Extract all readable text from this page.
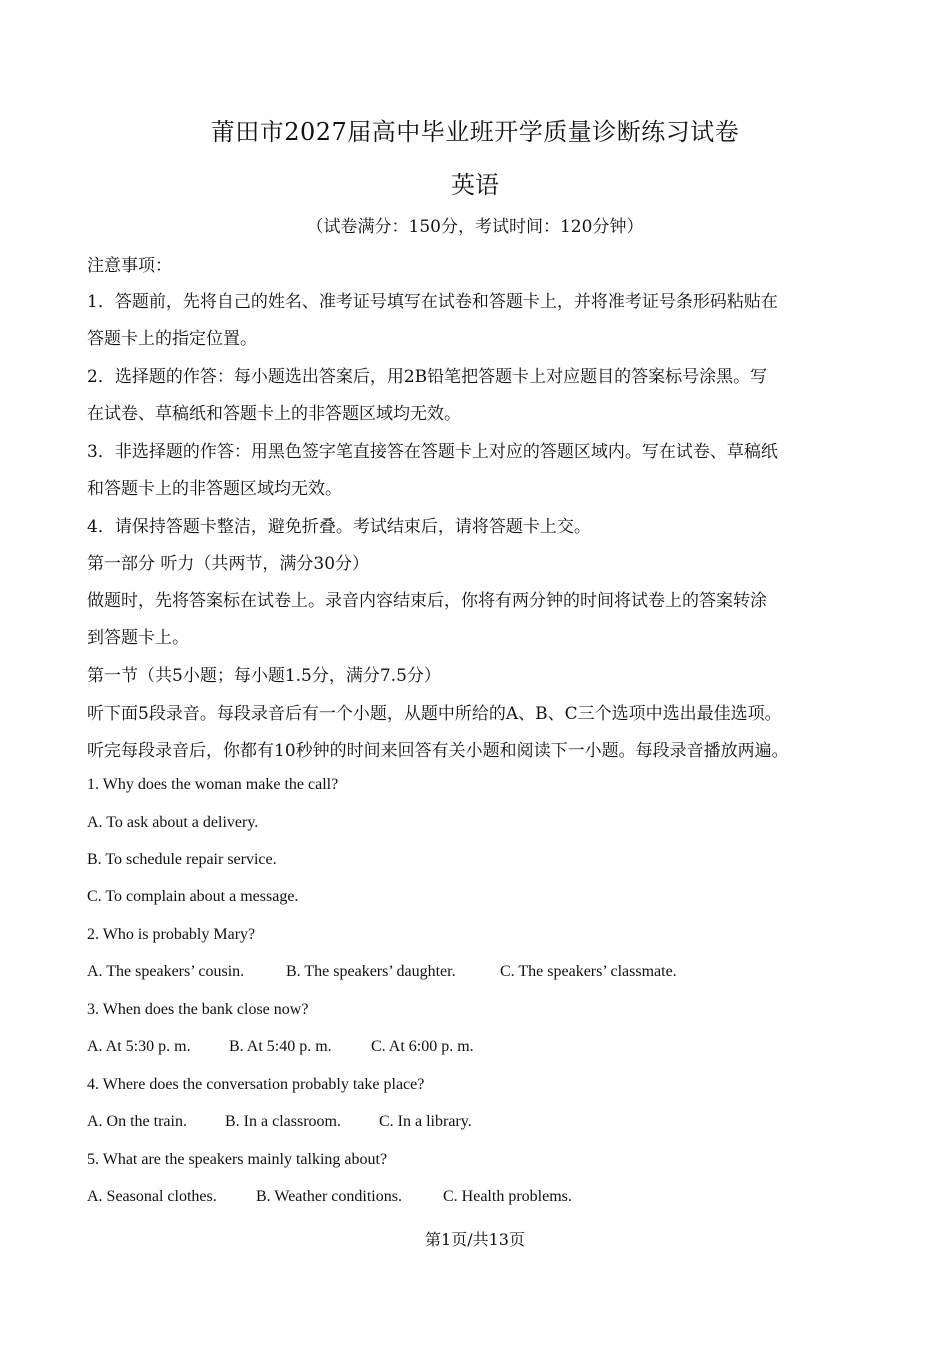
莆田市2027届高中毕业班开学质量诊断练习试卷
英语
（试卷满分：150分，考试时间：120分钟）
注意事项：
1．答题前，先将自己的姓名、准考证号填写在试卷和答题卡上，并将准考证号条形码粘贴在
答题卡上的指定位置。
2．选择题的作答：每小题选出答案后，用2B铅笔把答题卡上对应题目的答案标号涂黑。写
在试卷、草稿纸和答题卡上的非答题区域均无效。
3．非选择题的作答：用黑色签字笔直接答在答题卡上对应的答题区域内。写在试卷、草稿纸
和答题卡上的非答题区域均无效。
4．请保持答题卡整洁，避免折叠。考试结束后，请将答题卡上交。
第一部分 听力（共两节，满分30分）
做题时，先将答案标在试卷上。录音内容结束后，你将有两分钟的时间将试卷上的答案转涂
到答题卡上。
第一节（共5小题；每小题1.5分，满分7.5分）
听下面5段录音。每段录音后有一个小题，从题中所给的A、B、C三个选项中选出最佳选项。
听完每段录音后，你都有10秒钟的时间来回答有关小题和阅读下一小题。每段录音播放两遍。
1. Why does the woman make the call?
A. To ask about a delivery.
B. To schedule repair service.
C. To complain about a message.
2. Who is probably Mary?
A. The speakers’ cousin.	B. The speakers’ daughter.	C. The speakers’ classmate.
3. When does the bank close now?
A. At 5:30 p. m. B. At 5:40 p. m. C. At 6:00 p. m.
4. Where does the conversation probably take place?
A. On the train. B. In a classroom. C. In a library.
5. What are the speakers mainly talking about?
A. Seasonal clothes. B. Weather conditions.	C. Health problems.
第1页/共13页
